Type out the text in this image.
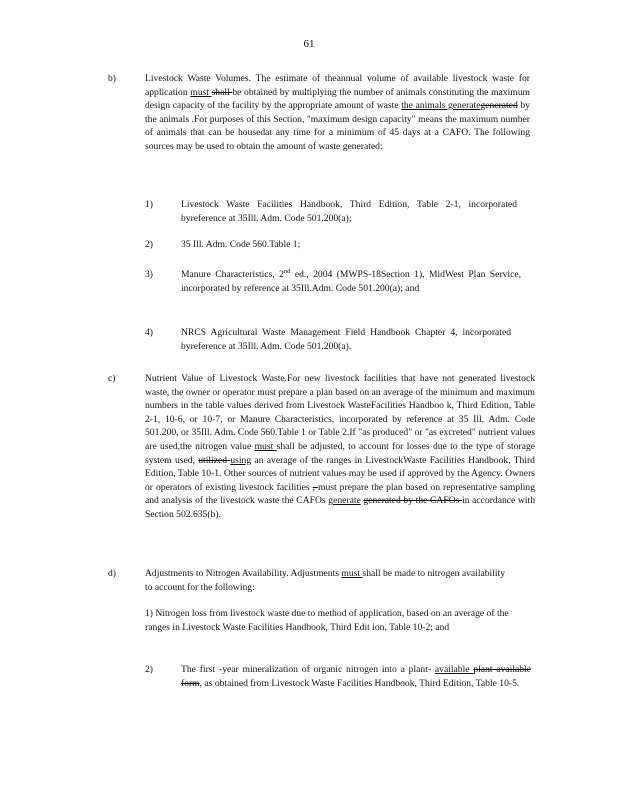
61
b)	Livestock Waste Volumes. The estimate of theannual volume of available livestock waste for application must shall be obtained by multiplying the number of animals constituting the maximum design capacity of the facility by the appropriate amount of waste the animals generategenerated by the animals .For purposes of this Section, "maximum design capacity" means the maximum number of animals that can be housedat any time for a minimum of 45 days at a CAFO. The following sources may be used to obtain the amount of waste generated:
1)	Livestock Waste Facilities Handbook, Third Edition, Table 2-1, incorporated byreference at 35Ill. Adm. Code 501.200(a);
2)	35 Ill. Adm. Code 560.Table 1;
3)	Manure Characteristics, 2nd ed., 2004 (MWPS-18Section 1), MidWest Plan Service, incorporated by reference at 35Ill.Adm. Code 501.200(a); and
4)	NRCS Agricultural Waste Management Field Handbook Chapter 4, incorporated byreference at 35Ill. Adm. Code 501.200(a).
c)	Nutrient Value of Livestock Waste.For new livestock facilities that have not generated livestock waste, the owner or operator must prepare a plan based on an average of the minimum and maximum numbers in the table values derived from Livestock WasteFacilities Handboo k, Third Edition, Table 2-1, 10-6, or 10-7, or Manure Characteristics, incorporated by reference at 35 Ill. Adm. Code 501.200, or 35Ill. Adm. Code 560.Table 1 or Table 2.If "as produced" or "as excreted" nutrient values are used,the nitrogen value must shall be adjusted, to account for losses due to the type of storage system used, utilized using an average of the ranges in LivestockWaste Facilities Handbook, Third Edition, Table 10-1. Other sources of nutrient values may be used if approved by the Agency. Owners or operators of existing livestock facilities , must prepare the plan based on representative sampling and analysis of the livestock waste the CAFOs generate generated by the CAFOs in accordance with Section 502.635(b).
d)	Adjustments to Nitrogen Availability. Adjustments must shall be made to nitrogen availability to account for the following:
1) Nitrogen loss from livestock waste due to method of application, based on an average of the ranges in Livestock Waste Facilities Handbook, Third Edit ion, Table 10-2; and
2)	The first -year mineralization of organic nitrogen into a plant- available plant available form, as obtained from Livestock Waste Facilities Handbook, Third Edition, Table 10-5.
